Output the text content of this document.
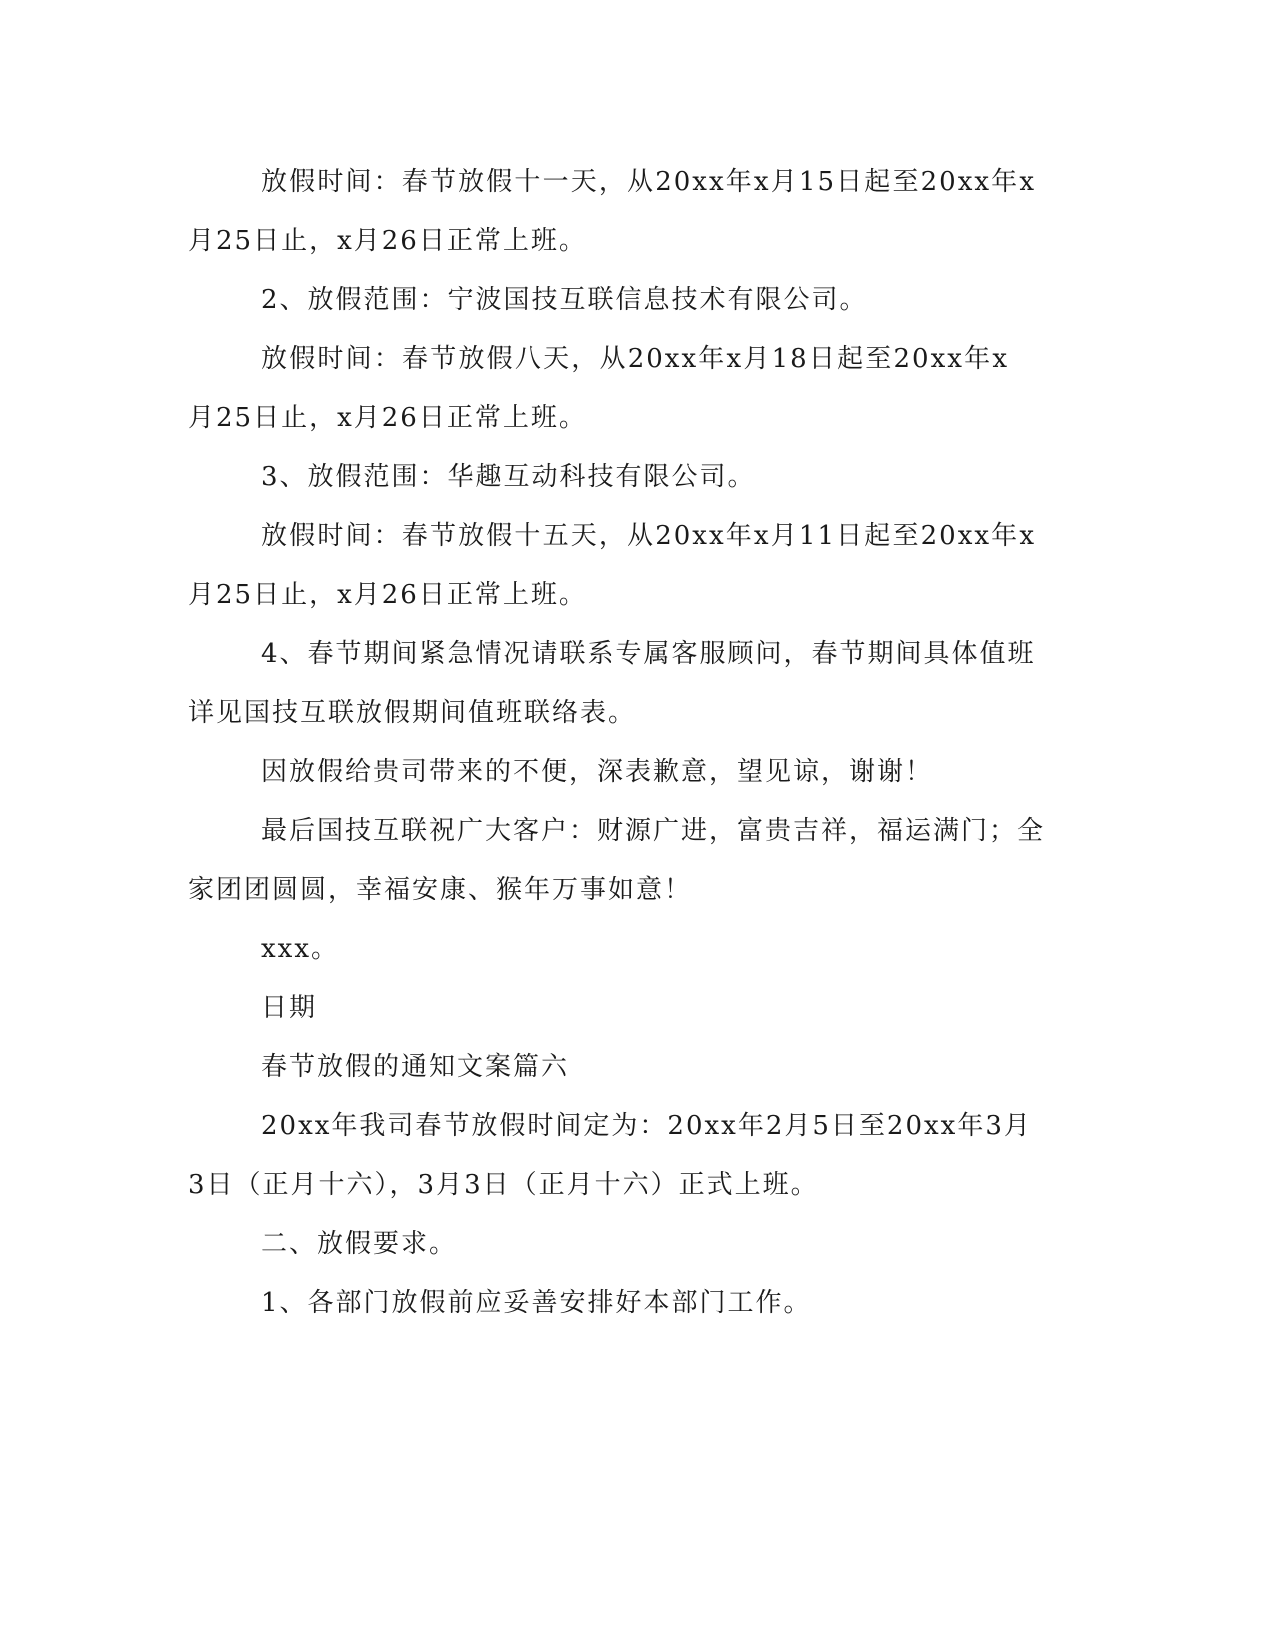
放假时间：春节放假十一天，从20xx年x月15日起至20xx年x

月25日止，x月26日正常上班。

2、放假范围：宁波国技互联信息技术有限公司。

放假时间：春节放假八天，从20xx年x月18日起至20xx年x

月25日止，x月26日正常上班。

3、放假范围：华趣互动科技有限公司。

放假时间：春节放假十五天，从20xx年x月11日起至20xx年x

月25日止，x月26日正常上班。

4、春节期间紧急情况请联系专属客服顾问，春节期间具体值班

详见国技互联放假期间值班联络表。

因放假给贵司带来的不便，深表歉意，望见谅，谢谢！

最后国技互联祝广大客户：财源广进，富贵吉祥，福运满门；全

家团团圆圆，幸福安康、猴年万事如意！

xxx。

日期

春节放假的通知文案篇六

20xx年我司春节放假时间定为：20xx年2月5日至20xx年3月

3日（正月十六），3月3日（正月十六）正式上班。

二、放假要求。

1、各部门放假前应妥善安排好本部门工作。
